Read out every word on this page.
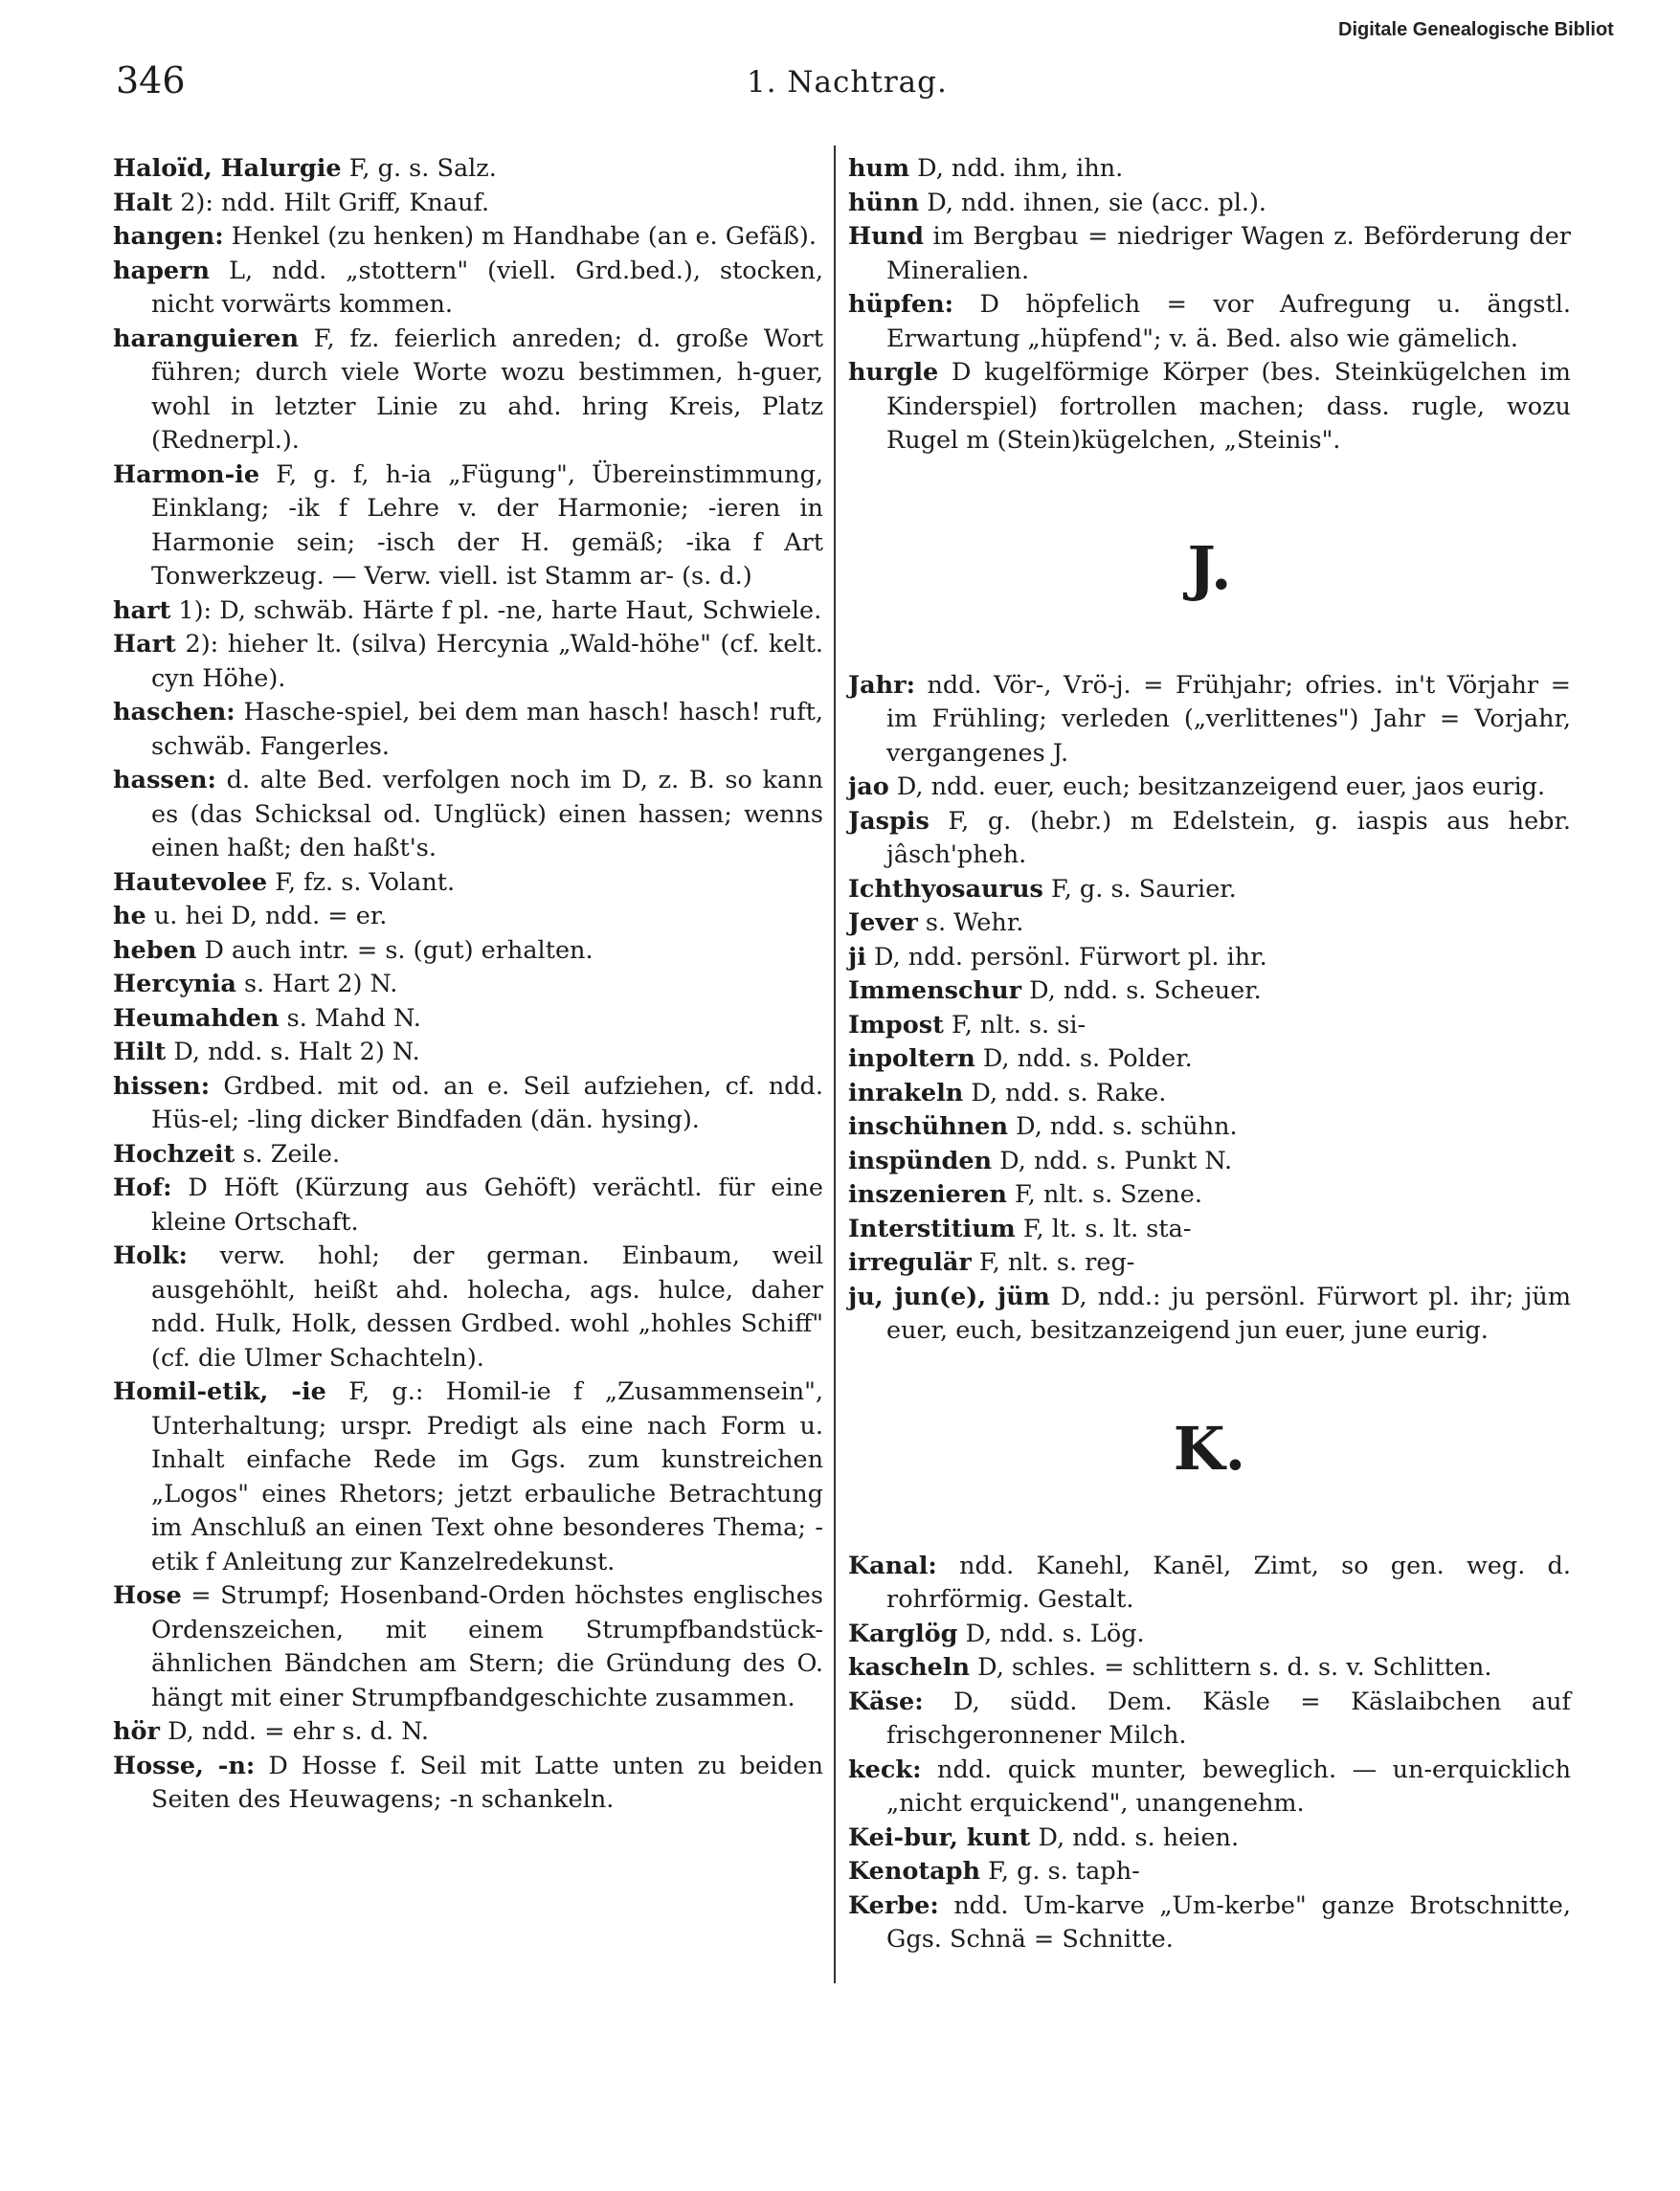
Digitale Genealogische Bibliot
346	1. Nachtrag.
Haloïd, Halurgie F, g. s. Salz.
Halt 2): ndd. Hilt Griff, Knauf.
hangen: Henkel (zu henken) m Handhabe (an e. Gefäß).
hapern L, ndd. „stottern" (viell. Grd.bed.), stocken, nicht vorwärts kommen.
haranguieren F, fz. feierlich anreden; d. große Wort führen; durch viele Worte wozu bestimmen, h-guer, wohl in letzter Linie zu ahd. hring Kreis, Platz (Rednerpl.).
Harmon-ie F, g. f, h-ia „Fügung", Übereinstimmung, Einklang; -ik f Lehre v. der Harmonie; -ieren in Harmonie sein; -isch der H. gemäß; -ika f Art Tonwerkzeug. — Verw. viell. ist Stamm ar- (s. d.)
hart 1): D, schwäb. Härte f pl. -ne, harte Haut, Schwiele.
Hart 2): hieher lt. (silva) Hercynia „Wald-höhe" (cf. kelt. cyn Höhe).
haschen: Hasche-spiel, bei dem man hasch! hasch! ruft, schwäb. Fangerles.
hassen: d. alte Bed. verfolgen noch im D, z. B. so kann es (das Schicksal od. Unglück) einen hassen; wenns einen haßt; den haßt's.
Hautevolee F, fz. s. Volant.
he u. hei D, ndd. = er.
heben D auch intr. = s. (gut) erhalten.
Hercynia s. Hart 2) N.
Heumahden s. Mahd N.
Hilt D, ndd. s. Halt 2) N.
hissen: Grdbed. mit od. an e. Seil aufziehen, cf. ndd. Hüs-el; -ling dicker Bindfaden (dän. hysing).
Hochzeit s. Zeile.
Hof: D Höft (Kürzung aus Gehöft) verächtl. für eine kleine Ortschaft.
Holk: verw. hohl; der german. Einbaum, weil ausgehöhlt, heißt ahd. holecha, ags. hulce, daher ndd. Hulk, Holk, dessen Grdbed. wohl „hohles Schiff" (cf. die Ulmer Schachteln).
Homil-etik, -ie F, g.: Homil-ie f „Zusammensein", Unterhaltung; urspr. Predigt als eine nach Form u. Inhalt einfache Rede im Ggs. zum kunstreichen „Logos" eines Rhetors; jetzt erbauliche Betrachtung im Anschluß an einen Text ohne besonderes Thema; -etik f Anleitung zur Kanzelredekunst.
Hose = Strumpf; Hosenband-Orden höchstes englisches Ordenszeichen, mit einem Strumpfbandstück-ähnlichen Bändchen am Stern; die Gründung des O. hängt mit einer Strumpfbandgeschichte zusammen.
hör D, ndd. = ehr s. d. N.
Hosse, -n: D Hosse f. Seil mit Latte unten zu beiden Seiten des Heuwagens; -n schankeln.
hum D, ndd. ihm, ihn.
hünn D, ndd. ihnen, sie (acc. pl.).
Hund im Bergbau = niedriger Wagen z. Beförderung der Mineralien.
hüpfen: D höpfelich = vor Aufregung u. ängstl. Erwartung „hüpfend"; v. ä. Bed. also wie gämelich.
hurgle D kugelförmige Körper (bes. Steinkügelchen im Kinderspiel) fortrollen machen; dass. rugle, wozu Rugel m (Stein)kügelchen, „Steinis".
J.
Jahr: ndd. Vör-, Vrö-j. = Frühjahr; ofries. in't Vörjahr = im Frühling; verleden („verlittenes") Jahr = Vorjahr, vergangenes J.
jao D, ndd. euer, euch; besitzanzeigend euer, jaos eurig.
Jaspis F, g. (hebr.) m Edelstein, g. iaspis aus hebr. jâsch'pheh.
Ichthyosaurus F, g. s. Saurier.
Jever s. Wehr.
ji D, ndd. persönl. Fürwort pl. ihr.
Immenschur D, ndd. s. Scheuer.
Impost F, nlt. s. si-
inpoltern D, ndd. s. Polder.
inrakeln D, ndd. s. Rake.
inschühnen D, ndd. s. schühn.
inspünden D, ndd. s. Punkt N.
inszenieren F, nlt. s. Szene.
Interstitium F, lt. s. lt. sta-
irregulär F, nlt. s. reg-
ju, jun(e), jüm D, ndd.: ju persönl. Fürwort pl. ihr; jüm euer, euch, besitzanzeigend jun euer, june eurig.
K.
Kanal: ndd. Kanehl, Kanēl, Zimt, so gen. weg. d. rohrförmig. Gestalt.
Karglög D, ndd. s. Lög.
kascheln D, schles. = schlittern s. d. s. v. Schlitten.
Käse: D, südd. Dem. Käsle = Käslaibchen auf frischgeronnener Milch.
keck: ndd. quick munter, beweglich. — un-erquicklich „nicht erquickend", unangenehm.
Kei-bur, kunt D, ndd. s. heien.
Kenotaph F, g. s. taph-
Kerbe: ndd. Um-karve „Um-kerbe" ganze Brotschnitte, Ggs. Schnä = Schnitte.
